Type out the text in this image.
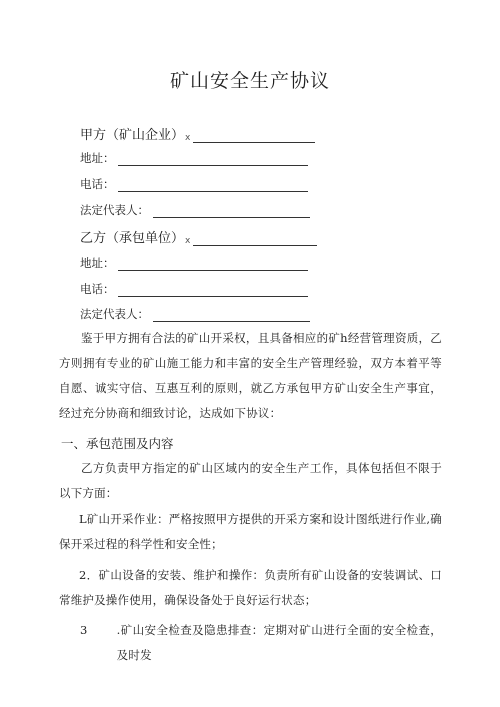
矿山安全生产协议
甲方（矿山企业） x
地址：
电话：
法定代表人：
乙方（承包单位） x
地址：
电话：
法定代表人：

鉴于甲方拥有合法的矿山开采权，且具备相应的矿h经营管理资质，乙方则拥有专业的矿山施工能力和丰富的安全生产管理经验，双方本着平等自愿、诚实守信、互惠互利的原则，就乙方承包甲方矿山安全生产事宜，经过充分协商和细致讨论，达成如下协议：

一、承包范围及内容

乙方负责甲方指定的矿山区域内的安全生产工作，具体包括但不限于以下方面：

L矿山开采作业：严格按照甲方提供的开采方案和设计图纸进行作业,确保开采过程的科学性和安全性；

2．矿山设备的安装、维护和操作：负责所有矿山设备的安装调试、口常维护及操作使用，确保设备处于良好运行状态；

3	.矿山安全检查及隐患排查：定期对矿山进行全面的安全检查，及时发
